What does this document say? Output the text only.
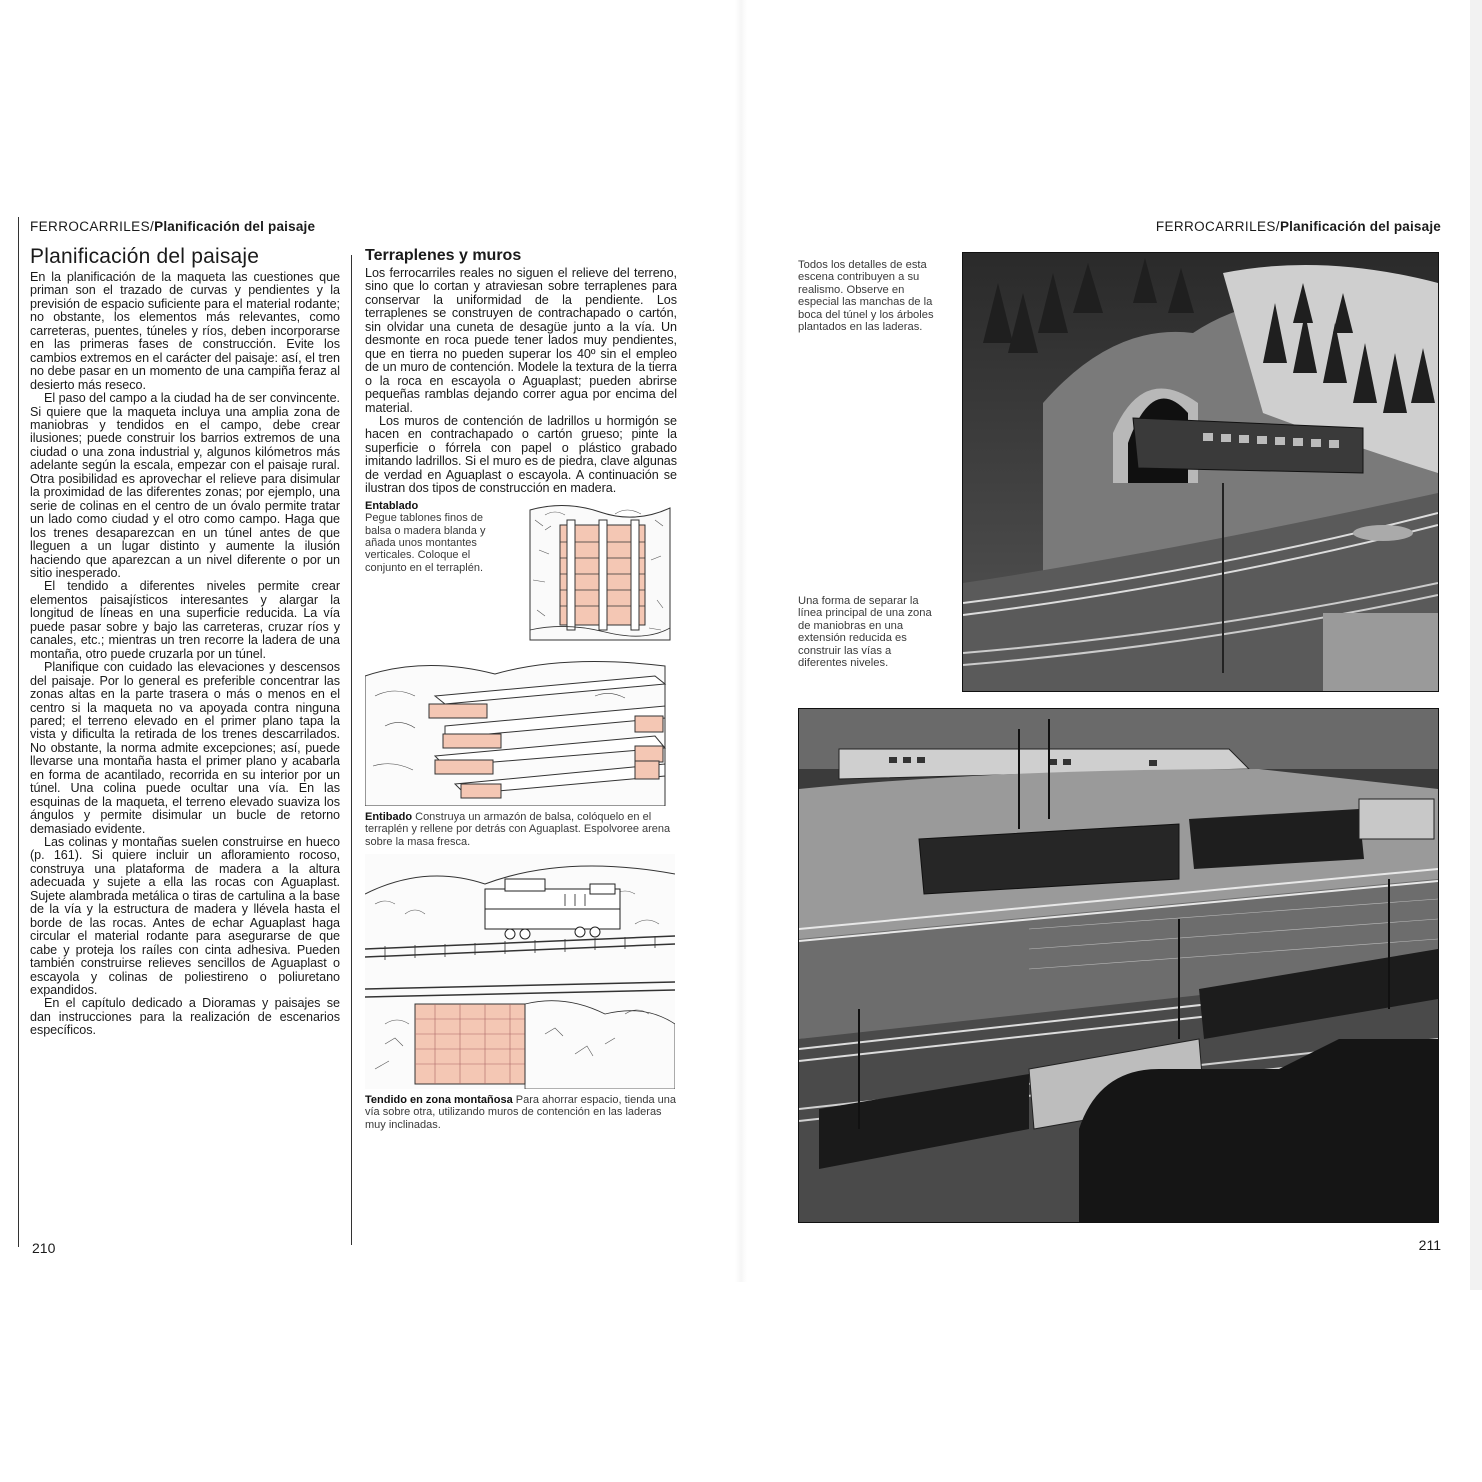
FERROCARRILES/Planificación del paisaje
Planificación del paisaje

En la planificación de la maqueta las cuestiones que priman son el trazado de curvas y pendientes y la previsión de espacio suficiente para el material rodante; no obstante, los elementos más relevantes, como carreteras, puentes, túneles y ríos, deben incorporarse en las primeras fases de construcción. Evite los cambios extremos en el carácter del paisaje: así, el tren no debe pasar en un momento de una campiña feraz al desierto más reseco.

El paso del campo a la ciudad ha de ser convincente. Si quiere que la maqueta incluya una amplia zona de maniobras y tendidos en el campo, debe crear ilusiones; puede construir los barrios extremos de una ciudad o una zona industrial y, algunos kilómetros más adelante según la escala, empezar con el paisaje rural. Otra posibilidad es aprovechar el relieve para disimular la proximidad de las diferentes zonas; por ejemplo, una serie de colinas en el centro de un óvalo permite tratar un lado como ciudad y el otro como campo. Haga que los trenes desaparezcan en un túnel antes de que lleguen a un lugar distinto y aumente la ilusión haciendo que aparezcan a un nivel diferente o por un sitio inesperado.

El tendido a diferentes niveles permite crear elementos paisajísticos interesantes y alargar la longitud de líneas en una superficie reducida. La vía puede pasar sobre y bajo las carreteras, cruzar ríos y canales, etc.; mientras un tren recorre la ladera de una montaña, otro puede cruzarla por un túnel.

Planifique con cuidado las elevaciones y descensos del paisaje. Por lo general es preferible concentrar las zonas altas en la parte trasera o más o menos en el centro si la maqueta no va apoyada contra ninguna pared; el terreno elevado en el primer plano tapa la vista y dificulta la retirada de los trenes descarrilados. No obstante, la norma admite excepciones; así, puede llevarse una montaña hasta el primer plano y acabarla en forma de acantilado, recorrida en su interior por un túnel. Una colina puede ocultar una vía. En las esquinas de la maqueta, el terreno elevado suaviza los ángulos y permite disimular un bucle de retorno demasiado evidente.

Las colinas y montañas suelen construirse en hueco (p. 161). Si quiere incluir un afloramiento rocoso, construya una plataforma de madera a la altura adecuada y sujete a ella las rocas con Aguaplast. Sujete alambrada metálica o tiras de cartulina a la base de la vía y la estructura de madera y llévela hasta el borde de las rocas. Antes de echar Aguaplast haga circular el material rodante para asegurarse de que cabe y proteja los raíles con cinta adhesiva. Pueden también construirse relieves sencillos de Aguaplast o escayola y colinas de poliestireno o poliuretano expandidos.

En el capítulo dedicado a Dioramas y paisajes se dan instrucciones para la realización de escenarios específicos.

Terraplenes y muros

Los ferrocarriles reales no siguen el relieve del terreno, sino que lo cortan y atraviesan sobre terraplenes para conservar la uniformidad de la pendiente. Los terraplenes se construyen de contrachapado o cartón, sin olvidar una cuneta de desagüe junto a la vía. Un desmonte en roca puede tener lados muy pendientes, que en tierra no pueden superar los 40º sin el empleo de un muro de contención. Modele la textura de la tierra o la roca en escayola o Aguaplast; pueden abrirse pequeñas ramblas dejando correr agua por encima del material.

Los muros de contención de ladrillos u hormigón se hacen en contrachapado o cartón grueso; pinte la superficie o fórrela con papel o plástico grabado imitando ladrillos. Si el muro es de piedra, clave algunas de verdad en Aguaplast o escayola. A continuación se ilustran dos tipos de construcción en madera.

Entablado
Pegue tablones finos de balsa o madera blanda y añada unos montantes verticales. Coloque el conjunto en el terraplén.
Entibado Construya un armazón de balsa, colóquelo en el terraplén y rellene por detrás con Aguaplast. Espolvoree arena sobre la masa fresca.
Tendido en zona montañosa Para ahorrar espacio, tienda una vía sobre otra, utilizando muros de contención en las laderas muy inclinadas.
210
FERROCARRILES/Planificación del paisaje
Todos los detalles de esta escena contribuyen a su realismo. Observe en especial las manchas de la boca del túnel y los árboles plantados en las laderas.
Una forma de separar la línea principal de una zona de maniobras en una extensión reducida es construir las vías a diferentes niveles.
211
